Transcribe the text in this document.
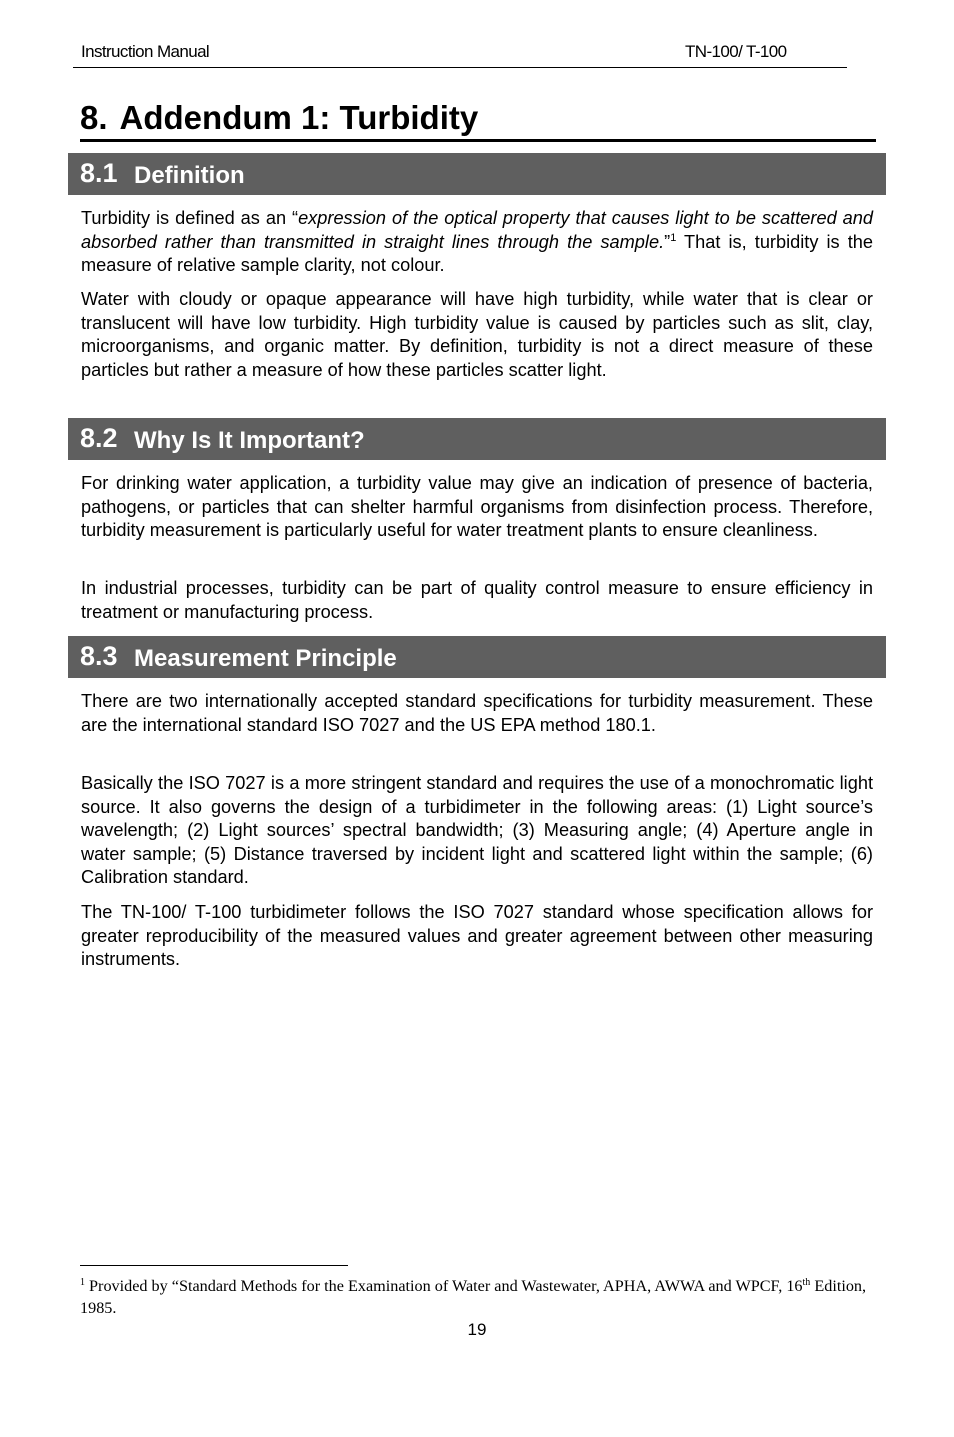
Instruction Manual	TN-100/ T-100
8. Addendum 1: Turbidity
8.1 Definition
Turbidity is defined as an “expression of the optical property that causes light to be scattered and absorbed rather than transmitted in straight lines through the sample.”$^1$ That is, turbidity is the measure of relative sample clarity, not colour.
Water with cloudy or opaque appearance will have high turbidity, while water that is clear or translucent will have low turbidity. High turbidity value is caused by particles such as slit, clay, microorganisms, and organic matter. By definition, turbidity is not a direct measure of these particles but rather a measure of how these particles scatter light.
8.2 Why Is It Important?
For drinking water application, a turbidity value may give an indication of presence of bacteria, pathogens, or particles that can shelter harmful organisms from disinfection process. Therefore, turbidity measurement is particularly useful for water treatment plants to ensure cleanliness.
In industrial processes, turbidity can be part of quality control measure to ensure efficiency in treatment or manufacturing process.
8.3 Measurement Principle
There are two internationally accepted standard specifications for turbidity measurement. These are the international standard ISO 7027 and the US EPA method 180.1.
Basically the ISO 7027 is a more stringent standard and requires the use of a monochromatic light source. It also governs the design of a turbidimeter in the following areas: (1) Light source’s wavelength; (2) Light sources’ spectral bandwidth; (3) Measuring angle; (4) Aperture angle in water sample; (5) Distance traversed by incident light and scattered light within the sample; (6) Calibration standard.
The TN-100/ T-100 turbidimeter follows the ISO 7027 standard whose specification allows for greater reproducibility of the measured values and greater agreement between other measuring instruments.
$^1$ Provided by “Standard Methods for the Examination of Water and Wastewater, APHA, AWWA and WPCF, 16th Edition, 1985.
19
